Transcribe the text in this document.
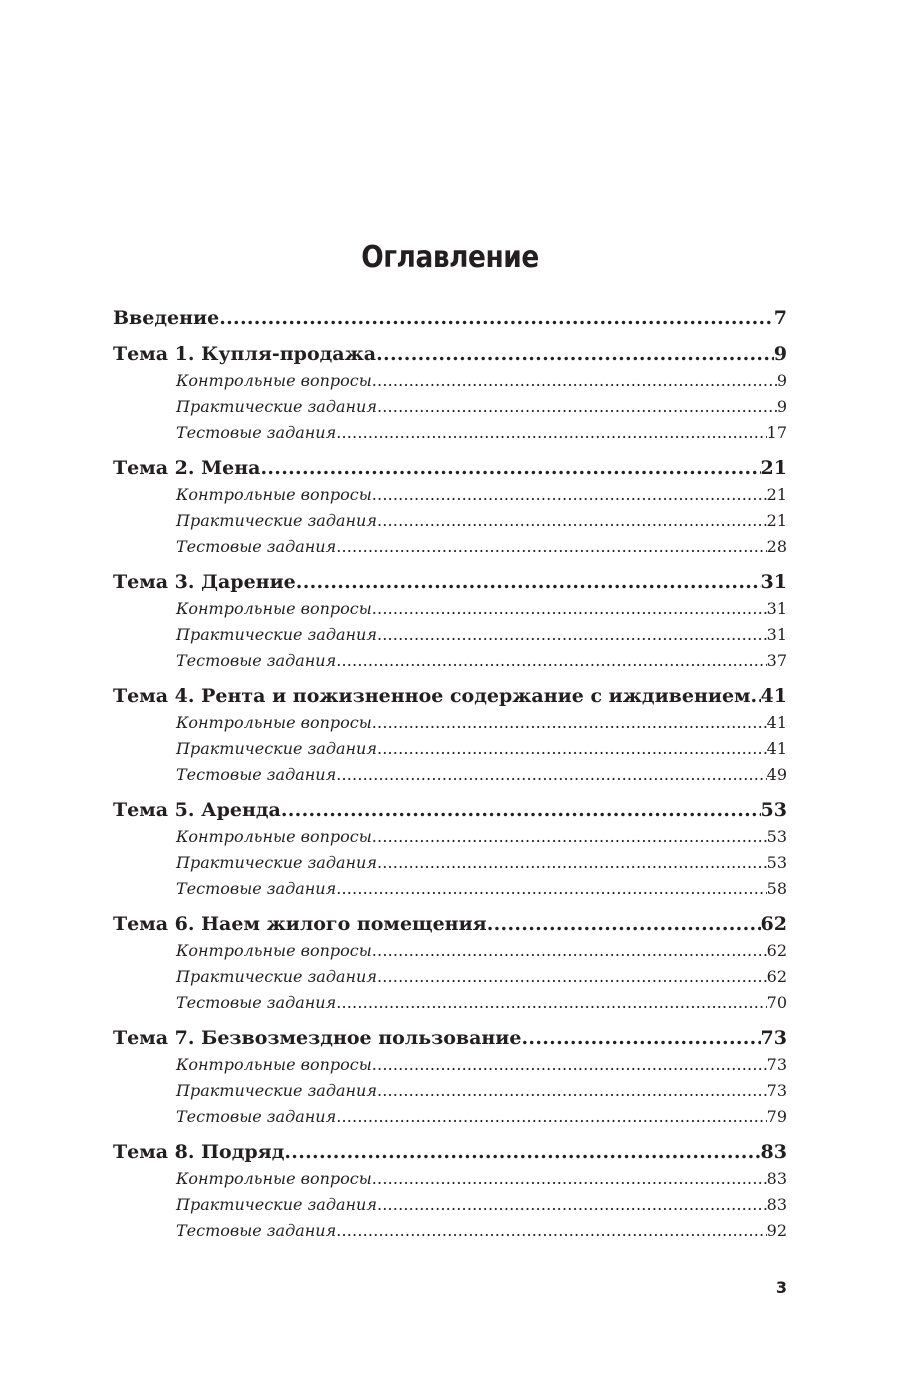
Оглавление
Введение .....	7
Тема 1. Купля-продажа .....	9
Контрольные вопросы .....	9
Практические задания .....	9
Тестовые задания .....	17
Тема 2. Мена .....	21
Контрольные вопросы .....	21
Практические задания .....	21
Тестовые задания .....	28
Тема 3. Дарение .....	31
Контрольные вопросы .....	31
Практические задания .....	31
Тестовые задания .....	37
Тема 4. Рента и пожизненное содержание с иждивением ..... 41
Контрольные вопросы .....	41
Практические задания .....	41
Тестовые задания .....	49
Тема 5. Аренда .....	53
Контрольные вопросы .....	53
Практические задания .....	53
Тестовые задания .....	58
Тема 6. Наем жилого помещения .....	62
Контрольные вопросы .....	62
Практические задания .....	62
Тестовые задания .....	70
Тема 7. Безвозмездное пользование .....	73
Контрольные вопросы .....	73
Практические задания .....	73
Тестовые задания .....	79
Тема 8. Подряд .....	83
Контрольные вопросы .....	83
Практические задания .....	83
Тестовые задания .....	92
3
